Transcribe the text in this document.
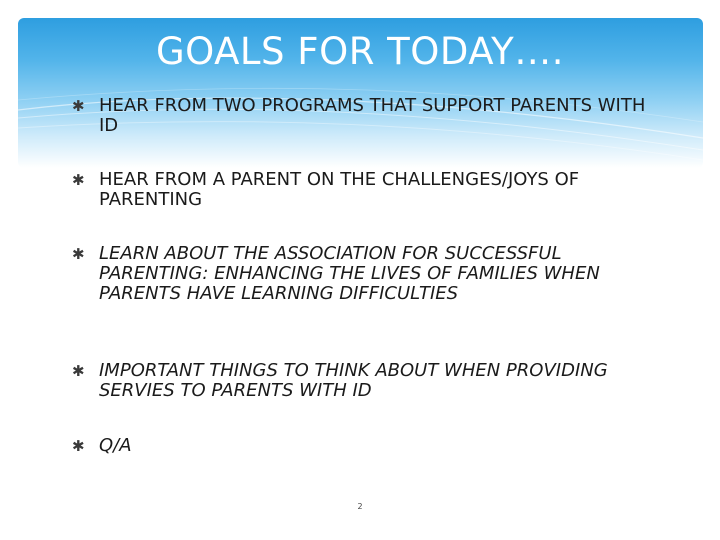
GOALS FOR TODAY….
✱ HEAR FROM TWO PROGRAMS THAT SUPPORT PARENTS WITH ID
✱ HEAR FROM A PARENT ON THE CHALLENGES/JOYS OF PARENTING
✱ LEARN ABOUT THE ASSOCIATION FOR SUCCESSFUL PARENTING: ENHANCING THE LIVES OF FAMILIES WHEN PARENTS HAVE LEARNING DIFFICULTIES
✱ IMPORTANT THINGS TO THINK ABOUT WHEN PROVIDING SERVIES TO PARENTS WITH ID
✱ Q/A
2
